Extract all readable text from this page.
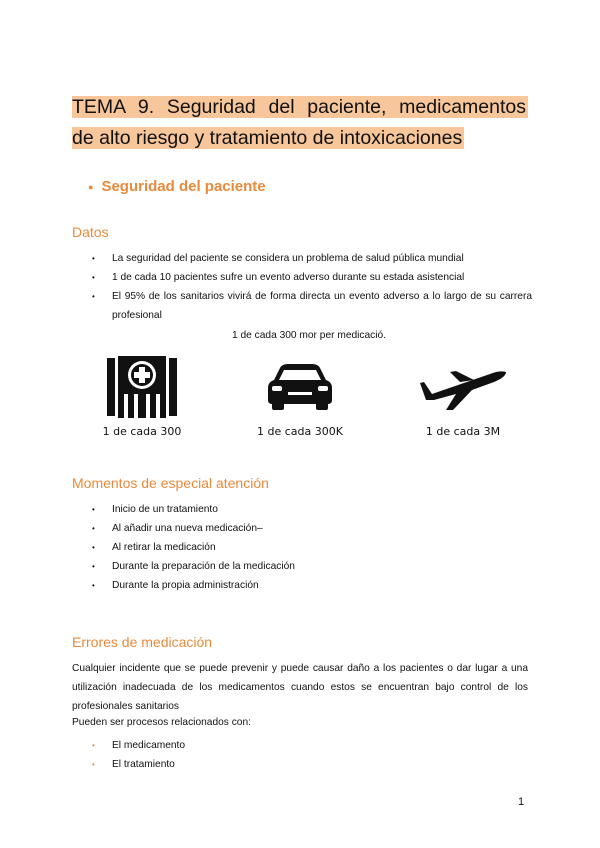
TEMA 9. Seguridad del paciente, medicamentos
de alto riesgo y tratamiento de intoxicaciones
● Seguridad del paciente
Datos
• La seguridad del paciente se considera un problema de salud pública mundial
• 1 de cada 10 pacientes sufre un evento adverso durante su estada asistencial
• El 95% de los sanitarios vivirá de forma directa un evento adverso a lo largo de su carrera profesional
1 de cada 300 mor per medicació.
1 de cada 300	1 de cada 300K	1 de cada 3M
Momentos de especial atención
• Inicio de un tratamiento
• Al añadir una nueva medicación–
• Al retirar la medicación
• Durante la preparación de la medicación
• Durante la propia administración
Errores de medicación
Cualquier incidente que se puede prevenir y puede causar daño a los pacientes o dar lugar a una utilización inadecuada de los medicamentos cuando estos se encuentran bajo control de los profesionales sanitarios
Pueden ser procesos relacionados con:
• El medicamento
• El tratamiento
1
